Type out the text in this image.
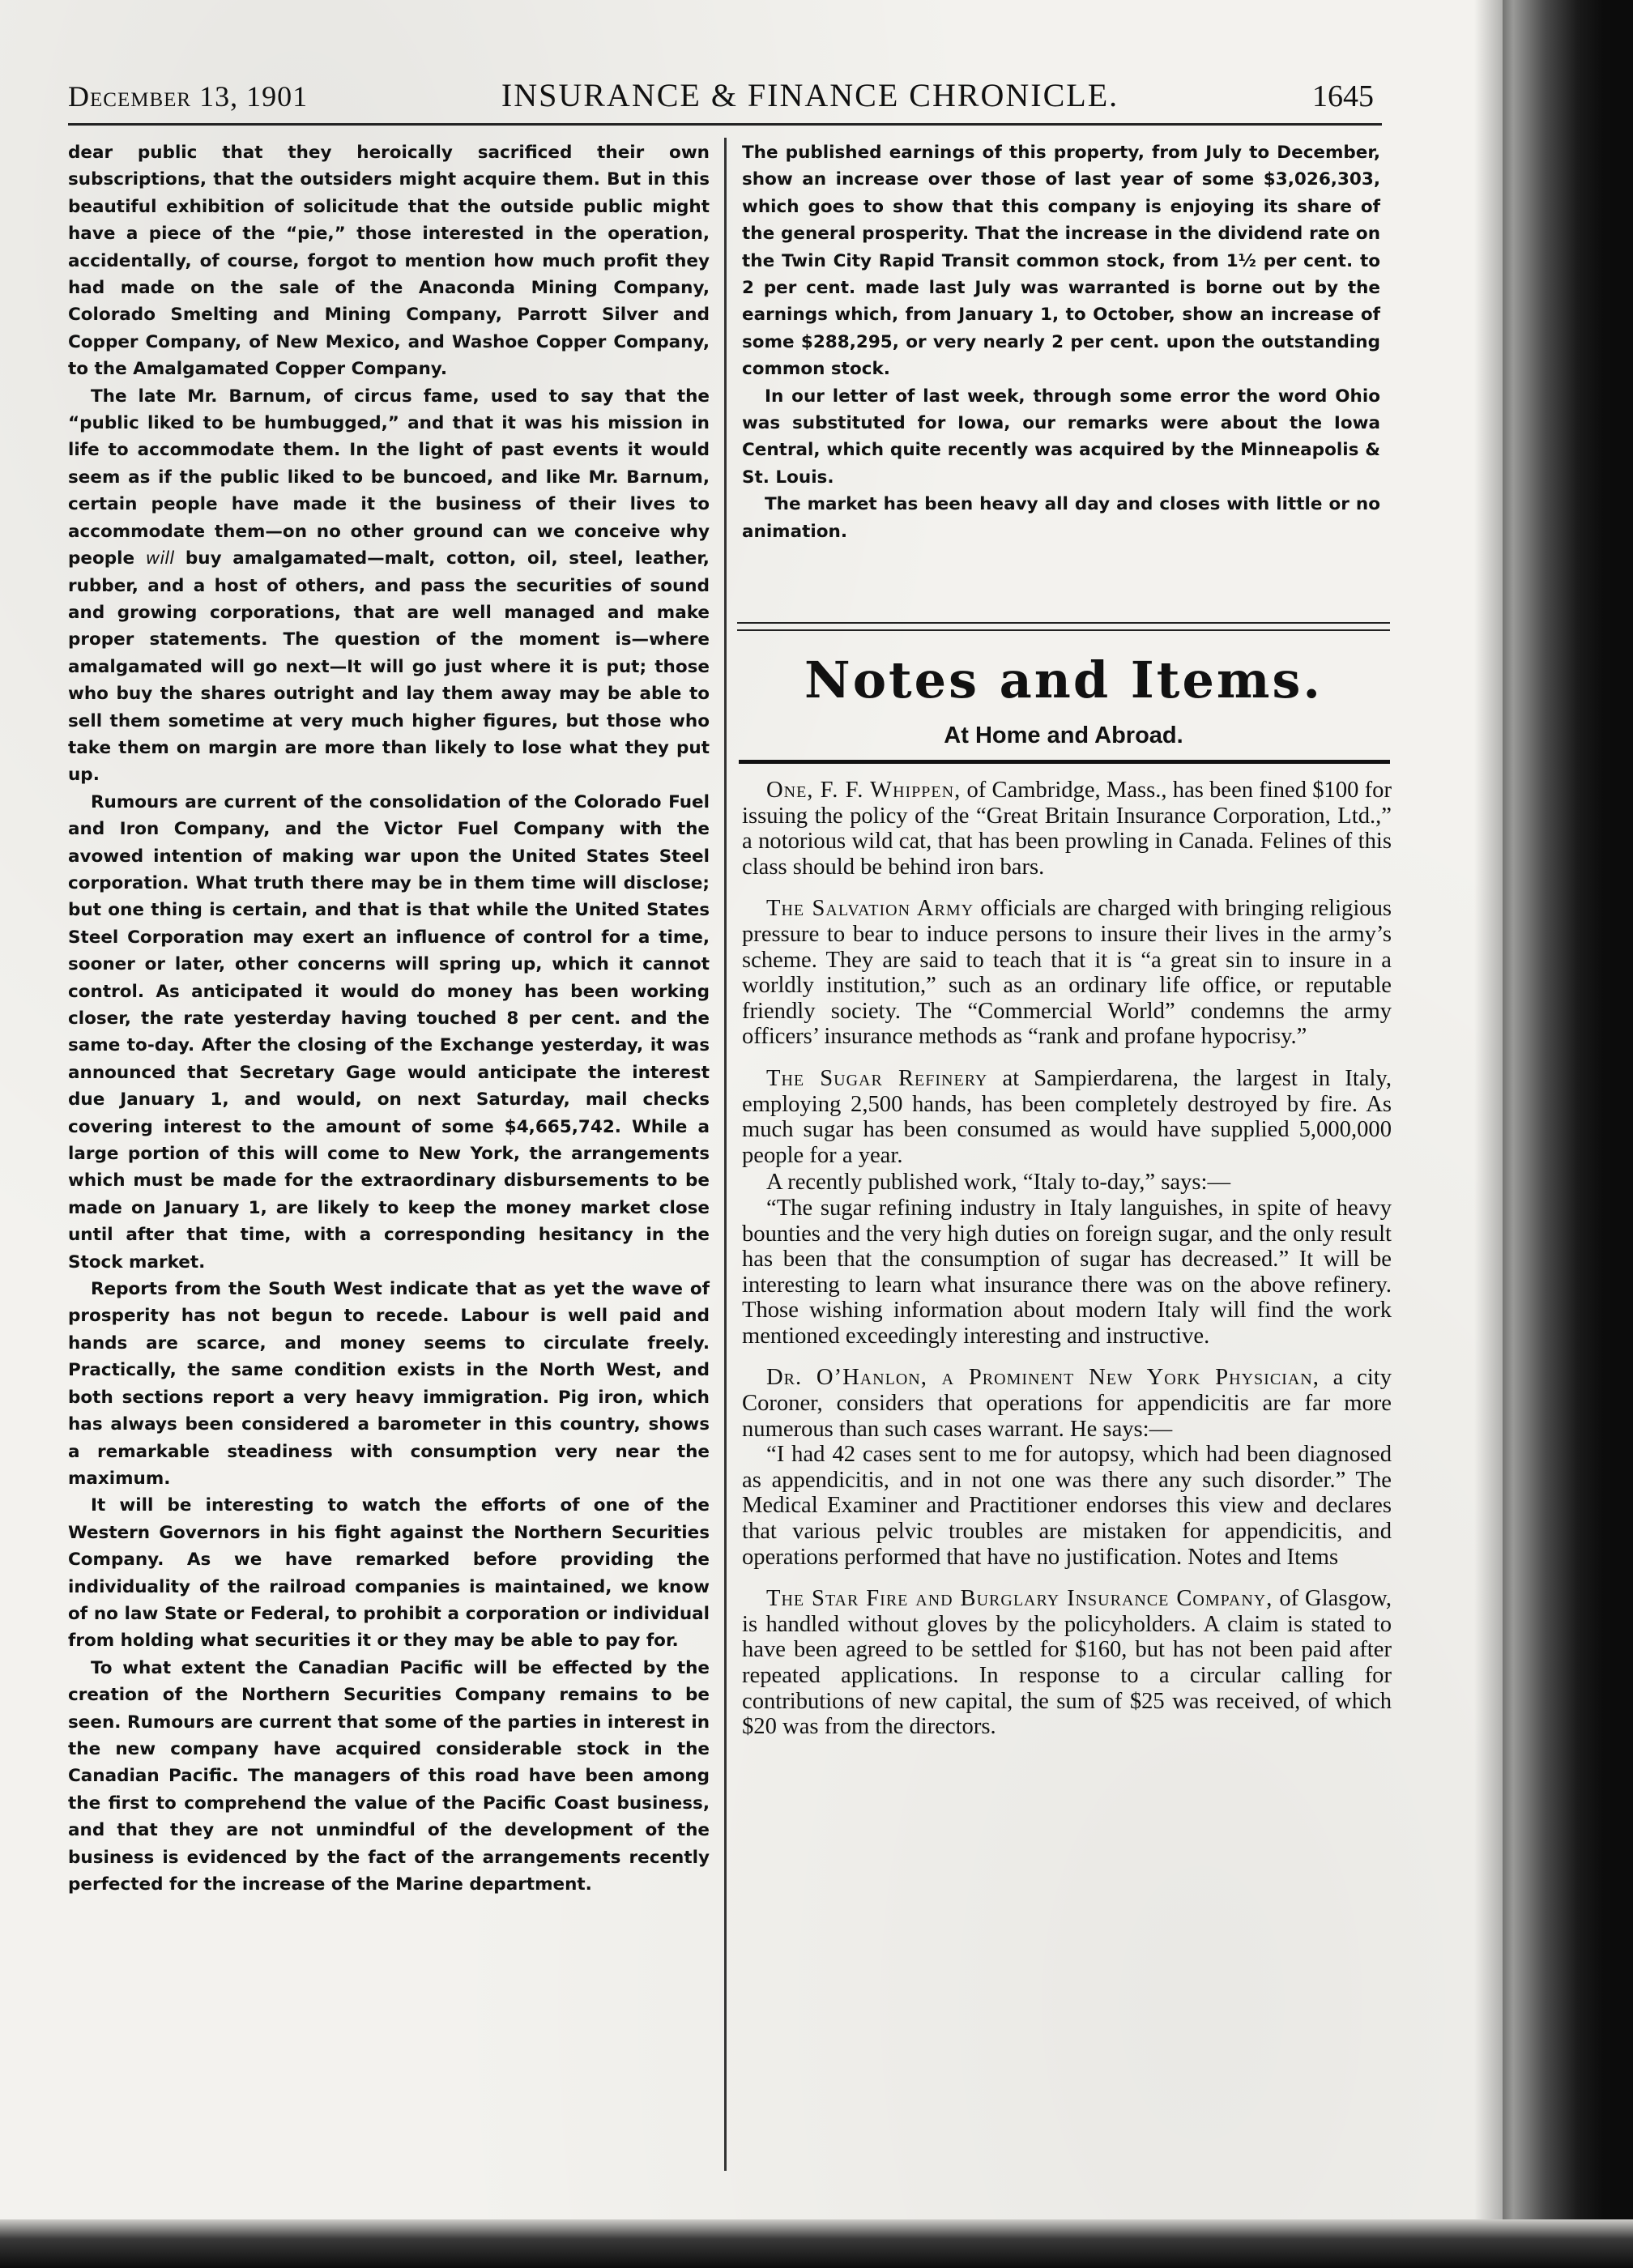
December 13, 1901	INSURANCE & FINANCE CHRONICLE.	1645

dear public that they heroically sacrificed their own subscriptions, that the outsiders might acquire them. But in this beautiful exhibition of solicitude that the outside public might have a piece of the “pie,” those interested in the operation, accidentally, of course, forgot to mention how much profit they had made on the sale of the Anaconda Mining Company, Colorado Smelting and Mining Company, Parrott Silver and Copper Company, of New Mexico, and Washoe Copper Company, to the Amalgamated Copper Company.

The late Mr. Barnum, of circus fame, used to say that the “public liked to be humbugged,” and that it was his mission in life to accommodate them. In the light of past events it would seem as if the public liked to be buncoed, and like Mr. Barnum, certain people have made it the business of their lives to accommodate them—on no other ground can we conceive why people will buy amalgamated—malt, cotton, oil, steel, leather, rubber, and a host of others, and pass the securities of sound and growing corporations, that are well managed and make proper statements. The question of the moment is—where amalgamated will go next—It will go just where it is put; those who buy the shares outright and lay them away may be able to sell them sometime at very much higher figures, but those who take them on margin are more than likely to lose what they put up.

Rumours are current of the consolidation of the Colorado Fuel and Iron Company, and the Victor Fuel Company with the avowed intention of making war upon the United States Steel corporation. What truth there may be in them time will disclose; but one thing is certain, and that is that while the United States Steel Corporation may exert an influence of control for a time, sooner or later, other concerns will spring up, which it cannot control. As anticipated it would do money has been working closer, the rate yesterday having touched 8 per cent. and the same to-day. After the closing of the Exchange yesterday, it was announced that Secretary Gage would anticipate the interest due January 1, and would, on next Saturday, mail checks covering interest to the amount of some $4,665,742. While a large portion of this will come to New York, the arrangements which must be made for the extraordinary disbursements to be made on January 1, are likely to keep the money market close until after that time, with a corresponding hesitancy in the Stock market.

Reports from the South West indicate that as yet the wave of prosperity has not begun to recede. Labour is well paid and hands are scarce, and money seems to circulate freely. Practically, the same condition exists in the North West, and both sections report a very heavy immigration. Pig iron, which has always been considered a barometer in this country, shows a remarkable steadiness with consumption very near the maximum.

It will be interesting to watch the efforts of one of the Western Governors in his fight against the Northern Securities Company. As we have remarked before providing the individuality of the railroad companies is maintained, we know of no law State or Federal, to prohibit a corporation or individual from holding what securities it or they may be able to pay for.

To what extent the Canadian Pacific will be effected by the creation of the Northern Securities Company remains to be seen. Rumours are current that some of the parties in interest in the new company have acquired considerable stock in the Canadian Pacific. The managers of this road have been among the first to comprehend the value of the Pacific Coast business, and that they are not unmindful of the development of the business is evidenced by the fact of the arrangements recently perfected for the increase of the Marine department.

The published earnings of this property, from July to December, show an increase over those of last year of some $3,026,303, which goes to show that this company is enjoying its share of the general prosperity. That the increase in the dividend rate on the Twin City Rapid Transit common stock, from 1½ per cent. to 2 per cent. made last July was warranted is borne out by the earnings which, from January 1, to October, show an increase of some $288,295, or very nearly 2 per cent. upon the outstanding common stock.

In our letter of last week, through some error the word Ohio was substituted for Iowa, our remarks were about the Iowa Central, which quite recently was acquired by the Minneapolis & St. Louis.

The market has been heavy all day and closes with little or no animation.

Notes and Items.
At Home and Abroad.

One, F. F. Whippen, of Cambridge, Mass., has been fined $100 for issuing the policy of the “Great Britain Insurance Corporation, Ltd.,” a notorious wild cat, that has been prowling in Canada. Felines of this class should be behind iron bars.

The Salvation Army officials are charged with bringing religious pressure to bear to induce persons to insure their lives in the army’s scheme. They are said to teach that it is “a great sin to insure in a worldly institution,” such as an ordinary life office, or reputable friendly society. The “Commercial World” condemns the army officers’ insurance methods as “rank and profane hypocrisy.”

The Sugar Refinery at Sampierdarena, the largest in Italy, employing 2,500 hands, has been completely destroyed by fire. As much sugar has been consumed as would have supplied 5,000,000 people for a year.

A recently published work, “Italy to-day,” says:—

“The sugar refining industry in Italy languishes, in spite of heavy bounties and the very high duties on foreign sugar, and the only result has been that the consumption of sugar has decreased.” It will be interesting to learn what insurance there was on the above refinery. Those wishing information about modern Italy will find the work mentioned exceedingly interesting and instructive.

Dr. O’Hanlon, a Prominent New York Physician, a city Coroner, considers that operations for appendicitis are far more numerous than such cases warrant. He says:—

“I had 42 cases sent to me for autopsy, which had been diagnosed as appendicitis, and in not one was there any such disorder.” The Medical Examiner and Practitioner endorses this view and declares that various pelvic troubles are mistaken for appendicitis, and operations performed that have no justification. Notes and Items

The Star Fire and Burglary Insurance Company, of Glasgow, is handled without gloves by the policyholders. A claim is stated to have been agreed to be settled for $160, but has not been paid after repeated applications. In response to a circular calling for contributions of new capital, the sum of $25 was received, of which $20 was from the directors.
